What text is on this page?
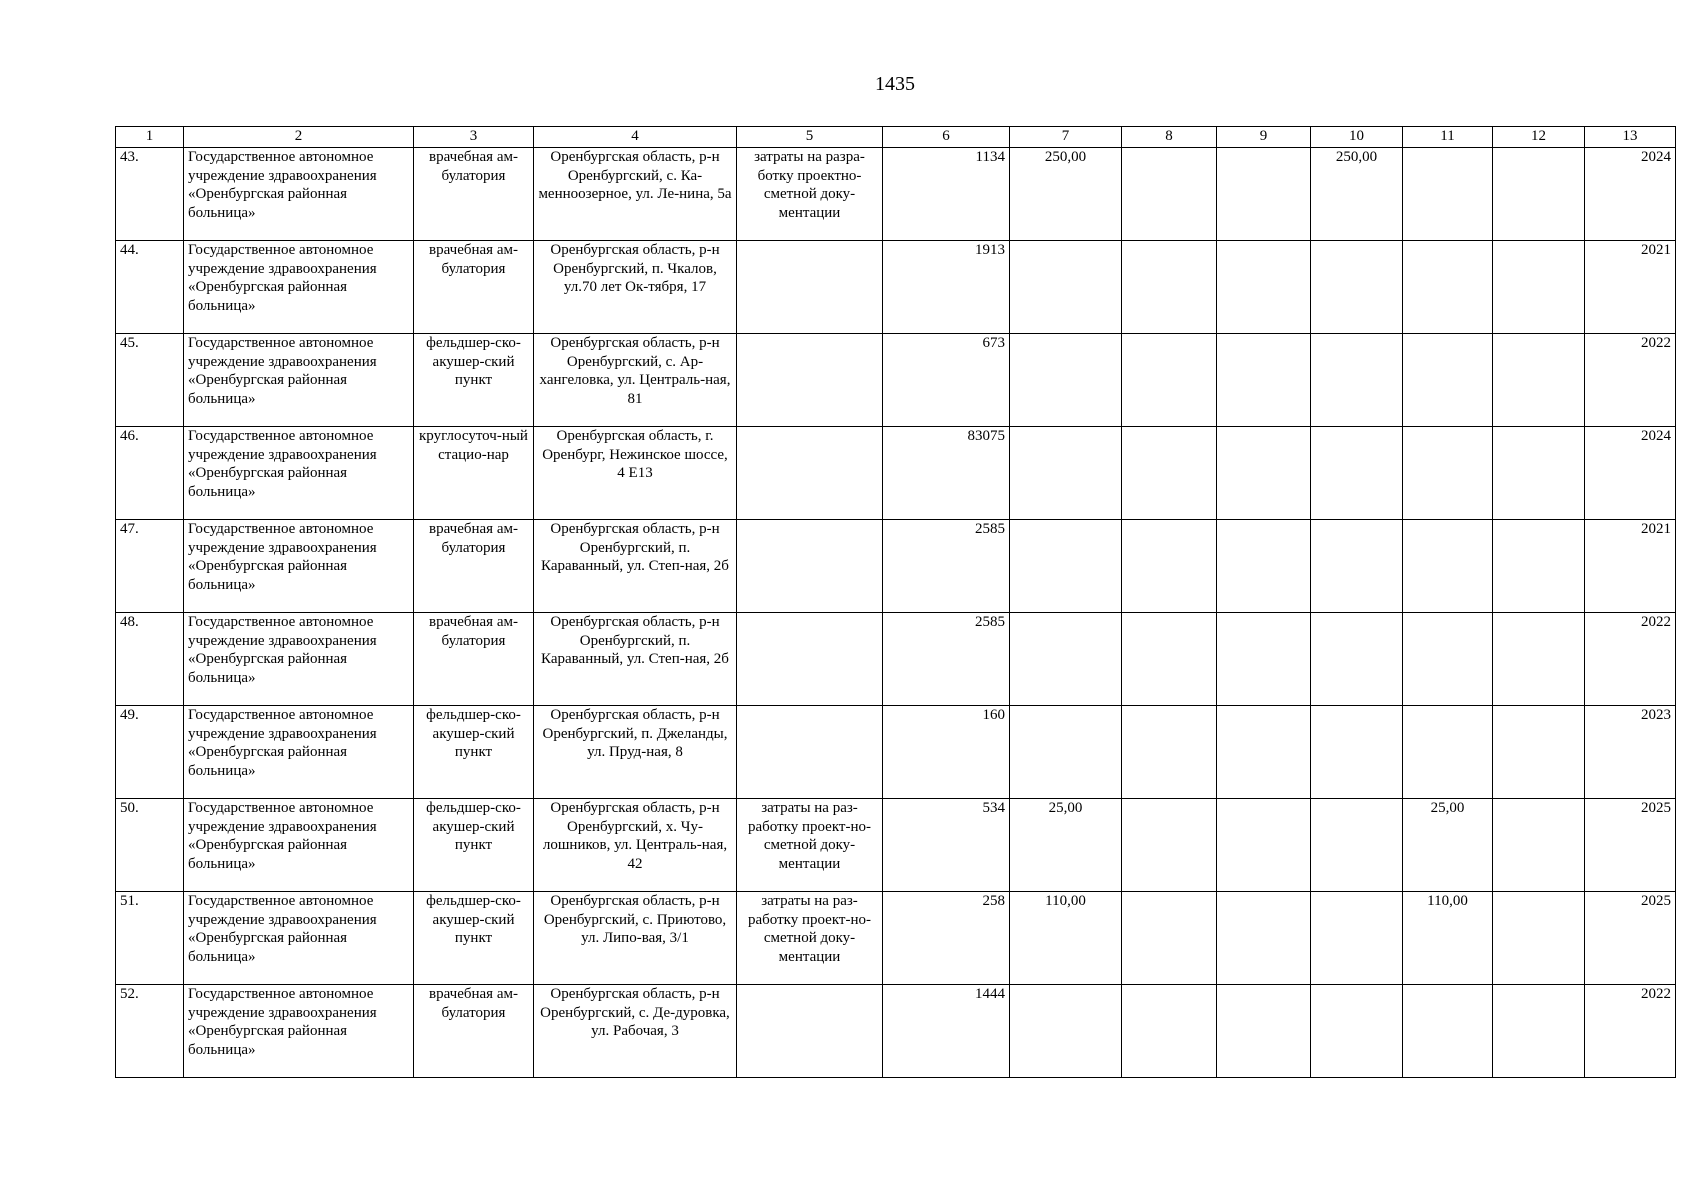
1435
1	2	3	4	5	6	7	8	9	10	11	12	13
43.	Государственное автономное учреждение здравоохранения «Оренбургская районная больница»	врачебная ам-булатория	Оренбургская область, р-н Оренбургский, с. Ка-менноозерное, ул. Ле-нина, 5а	затраты на разра-ботку проектно-сметной доку-ментации	1134	250,00			250,00			2024
44.	Государственное автономное учреждение здравоохранения «Оренбургская районная больница»	врачебная ам-булатория	Оренбургская область, р-н Оренбургский, п. Чкалов, ул.70 лет Ок-тября, 17		1913							2021
45.	Государственное автономное учреждение здравоохранения «Оренбургская районная больница»	фельдшер-ско-акушер-ский пункт	Оренбургская область, р-н Оренбургский, с. Ар-хангеловка, ул. Централь-ная, 81		673							2022
46.	Государственное автономное учреждение здравоохранения «Оренбургская районная больница»	круглосуточ-ный стацио-нар	Оренбургская область, г. Оренбург, Нежинское шоссе, 4 Е13		83075							2024
47.	Государственное автономное учреждение здравоохранения «Оренбургская районная больница»	врачебная ам-булатория	Оренбургская область, р-н Оренбургский, п. Караванный, ул. Степ-ная, 2б		2585							2021
48.	Государственное автономное учреждение здравоохранения «Оренбургская районная больница»	врачебная ам-булатория	Оренбургская область, р-н Оренбургский, п. Караванный, ул. Степ-ная, 2б		2585							2022
49.	Государственное автономное учреждение здравоохранения «Оренбургская районная больница»	фельдшер-ско-акушер-ский пункт	Оренбургская область, р-н Оренбургский, п. Джеланды, ул. Пруд-ная, 8		160							2023
50.	Государственное автономное учреждение здравоохранения «Оренбургская районная больница»	фельдшер-ско-акушер-ский пункт	Оренбургская область, р-н Оренбургский, х. Чу-лошников, ул. Централь-ная, 42	затраты на раз-работку проект-но-сметной доку-ментации	534	25,00				25,00		2025
51.	Государственное автономное учреждение здравоохранения «Оренбургская районная больница»	фельдшер-ско-акушер-ский пункт	Оренбургская область, р-н Оренбургский, с. Приютово, ул. Липо-вая, 3/1	затраты на раз-работку проект-но-сметной доку-ментации	258	110,00				110,00		2025
52.	Государственное автономное учреждение здравоохранения «Оренбургская районная больница»	врачебная ам-булатория	Оренбургская область, р-н Оренбургский, с. Де-дуровка, ул. Рабочая, 3		1444							2022
